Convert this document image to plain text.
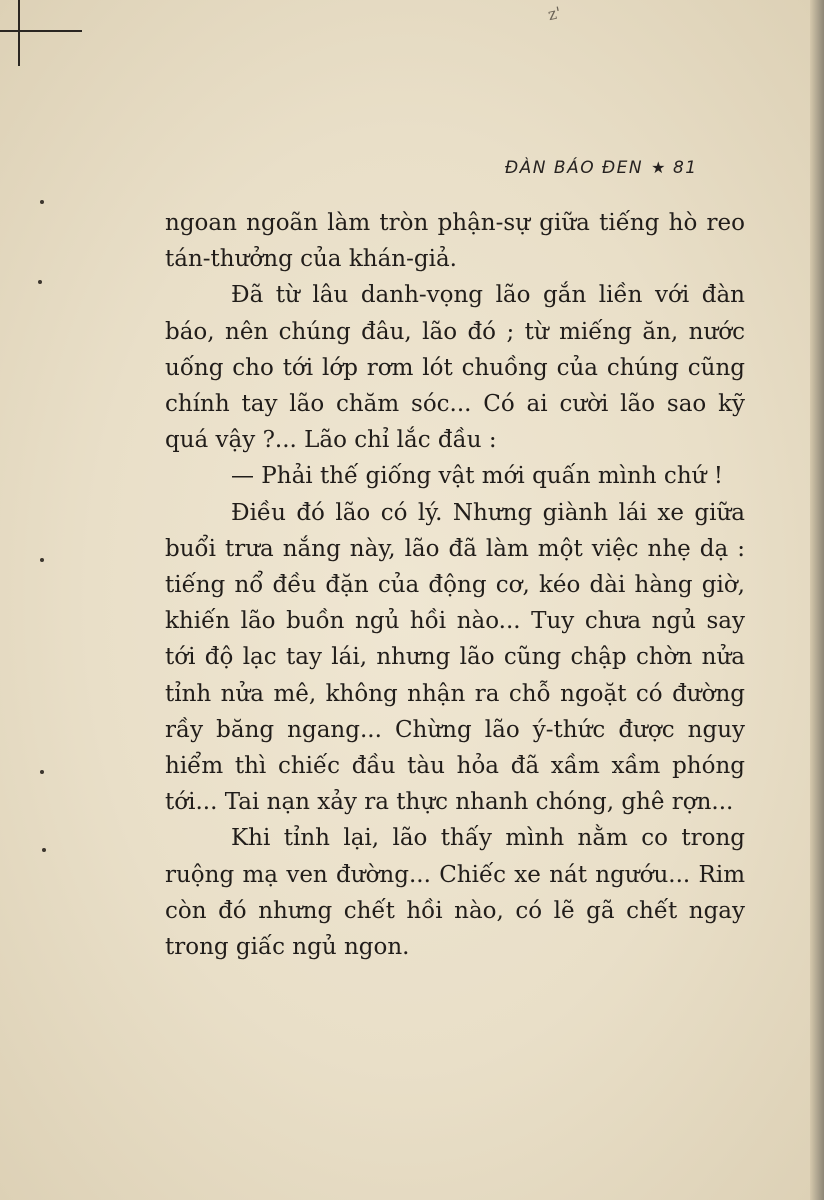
z'
ĐÀN BÁO ĐEN ★ 81

ngoan ngoãn làm tròn phận-sự giữa tiếng hò reo tán-thưởng của khán-giả.

Đã từ lâu danh-vọng lão gắn liền với đàn báo, nên chúng đâu, lão đó ; từ miếng ăn, nước uống cho tới lớp rơm lót chuồng của chúng cũng chính tay lão chăm sóc... Có ai cười lão sao kỹ quá vậy ?... Lão chỉ lắc đầu :

— Phải thế giống vật mới quấn mình chứ !

Điều đó lão có lý. Nhưng giành lái xe giữa buổi trưa nắng này, lão đã làm một việc nhẹ dạ : tiếng nổ đều đặn của động cơ, kéo dài hàng giờ, khiến lão buồn ngủ hồi nào... Tuy chưa ngủ say tới độ lạc tay lái, nhưng lão cũng chập chờn nửa tỉnh nửa mê, không nhận ra chỗ ngoặt có đường rầy băng ngang... Chừng lão ý-thức được nguy hiểm thì chiếc đầu tàu hỏa đã xầm xầm phóng tới... Tai nạn xảy ra thực nhanh chóng, ghê rợn...

Khi tỉnh lại, lão thấy mình nằm co trong ruộng mạ ven đường... Chiếc xe nát ngướu... Rim còn đó nhưng chết hồi nào, có lẽ gã chết ngay trong giấc ngủ ngon.
